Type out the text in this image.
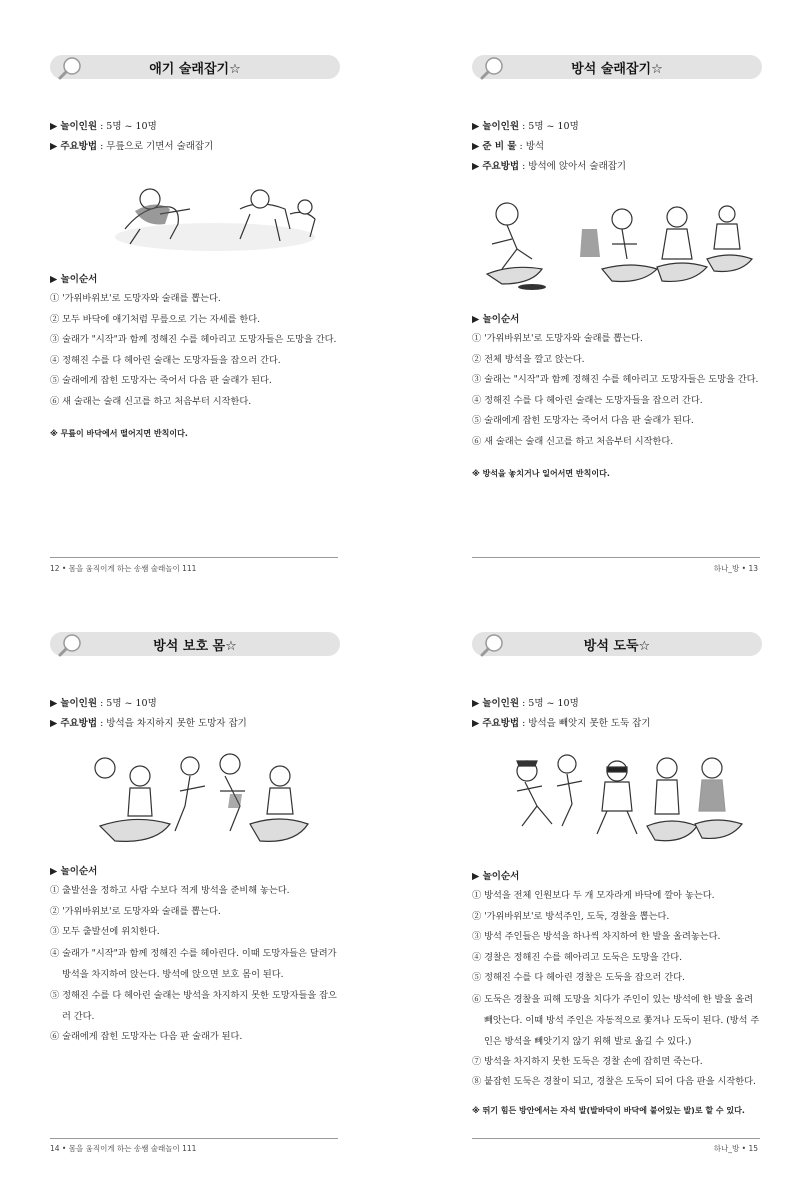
애기 술래잡기☆
▶ 놀이인원 : 5명 ~ 10명
▶ 주요방법 : 무릎으로 기면서 술래잡기
▶ 놀이순서
① '가위바위보'로 도망자와 술래를 뽑는다.
② 모두 바닥에 애기처럼 무릎으로 기는 자세를 한다.
③ 술래가 "시작"과 함께 정해진 수를 헤아리고 도망자들은 도망을 간다.
④ 정해진 수를 다 헤아린 술래는 도망자들을 잡으러 간다.
⑤ 술래에게 잡힌 도망자는 죽어서 다음 판 술래가 된다.
⑥ 새 술래는 술래 신고를 하고 처음부터 시작한다.
※ 무릎이 바닥에서 떨어지면 반칙이다.
12 • 몸을 움직이게 하는 송쌤 술래놀이 111
방석 술래잡기☆
▶ 놀이인원 : 5명 ~ 10명
▶ 준 비 물 : 방석
▶ 주요방법 : 방석에 앉아서 술래잡기
▶ 놀이순서
① '가위바위보'로 도망자와 술래를 뽑는다.
② 전체 방석을 깔고 앉는다.
③ 술래는 "시작"과 함께 정해진 수를 헤아리고 도망자들은 도망을 간다.
④ 정해진 수를 다 헤아린 술래는 도망자들을 잡으러 간다.
⑤ 술래에게 잡힌 도망자는 죽어서 다음 판 술래가 된다.
⑥ 새 술래는 술래 신고를 하고 처음부터 시작한다.
※ 방석을 놓치거나 일어서면 반칙이다.
하나_방 • 13
방석 보호 몸☆
▶ 놀이인원 : 5명 ~ 10명
▶ 주요방법 : 방석을 차지하지 못한 도망자 잡기
▶ 놀이순서
① 출발선을 정하고 사람 수보다 적게 방석을 준비해 놓는다.
② '가위바위보'로 도망자와 술래를 뽑는다.
③ 모두 출발선에 위치한다.
④ 술래가 "시작"과 함께 정해진 수를 헤아린다. 이때 도망자들은 달려가 방석을 차지하여 앉는다. 방석에 앉으면 보호 몸이 된다.
⑤ 정해진 수를 다 헤아린 술래는 방석을 차지하지 못한 도망자들을 잡으러 간다.
⑥ 술래에게 잡힌 도망자는 다음 판 술래가 된다.
14 • 몸을 움직이게 하는 송쌤 술래놀이 111
방석 도둑☆
▶ 놀이인원 : 5명 ~ 10명
▶ 주요방법 : 방석을 빼앗지 못한 도둑 잡기
▶ 놀이순서
① 방석을 전체 인원보다 두 개 모자라게 바닥에 깔아 놓는다.
② '가위바위보'로 방석주인, 도둑, 경찰을 뽑는다.
③ 방석 주인들은 방석을 하나씩 차지하여 한 발을 올려놓는다.
④ 경찰은 정해진 수를 헤아리고 도둑은 도망을 간다.
⑤ 정해진 수를 다 헤아린 경찰은 도둑을 잡으러 간다.
⑥ 도둑은 경찰을 피해 도망을 치다가 주인이 있는 방석에 한 발을 올려 빼앗는다. 이때 방석 주인은 자동적으로 쫓겨나 도둑이 된다. (방석 주인은 방석을 빼앗기지 않기 위해 발로 옮길 수 있다.)
⑦ 방석을 차지하지 못한 도둑은 경찰 손에 잡히면 죽는다.
⑧ 붙잡힌 도둑은 경찰이 되고, 경찰은 도둑이 되어 다음 판을 시작한다.
※ 뛰기 힘든 방안에서는 자석 발(발바닥이 바닥에 붙어있는 발)로 할 수 있다.
하나_방 • 15
